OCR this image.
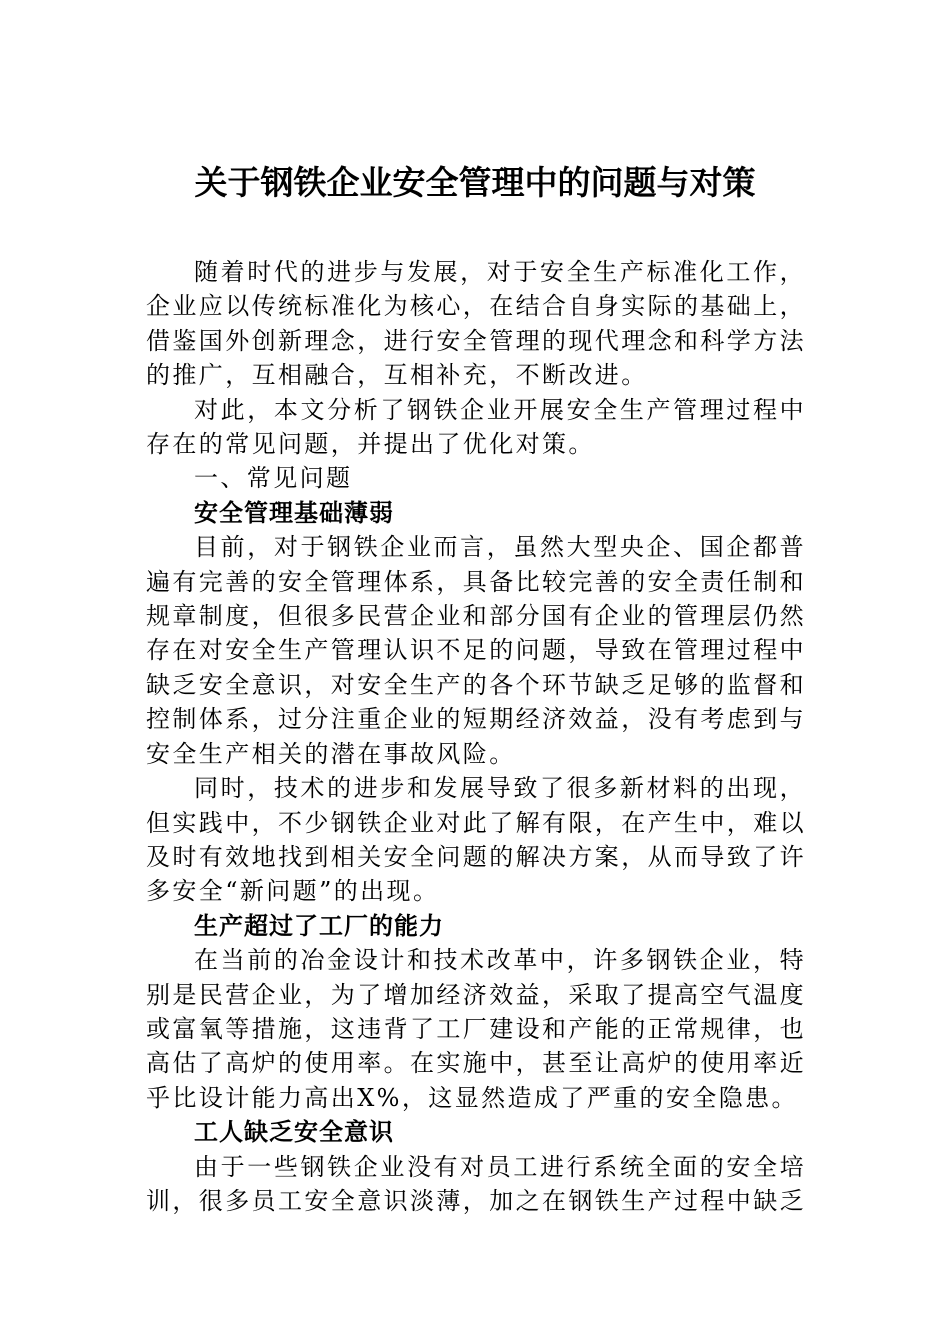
关于钢铁企业安全管理中的问题与对策

随着时代的进步与发展，对于安全生产标准化工作，企业应以传统标准化为核心，在结合自身实际的基础上，借鉴国外创新理念，进行安全管理的现代理念和科学方法的推广，互相融合，互相补充，不断改进。

对此，本文分析了钢铁企业开展安全生产管理过程中存在的常见问题，并提出了优化对策。

一、常见问题

安全管理基础薄弱

目前，对于钢铁企业而言，虽然大型央企、国企都普遍有完善的安全管理体系，具备比较完善的安全责任制和规章制度，但很多民营企业和部分国有企业的管理层仍然存在对安全生产管理认识不足的问题，导致在管理过程中缺乏安全意识，对安全生产的各个环节缺乏足够的监督和控制体系，过分注重企业的短期经济效益，没有考虑到与安全生产相关的潜在事故风险。

同时，技术的进步和发展导致了很多新材料的出现，但实践中，不少钢铁企业对此了解有限，在产生中，难以及时有效地找到相关安全问题的解决方案，从而导致了许多安全“新问题”的出现。

生产超过了工厂的能力

在当前的冶金设计和技术改革中，许多钢铁企业，特别是民营企业，为了增加经济效益，采取了提高空气温度或富氧等措施，这违背了工厂建设和产能的正常规律，也高估了高炉的使用率。在实施中，甚至让高炉的使用率近乎比设计能力高出X%，这显然造成了严重的安全隐患。

工人缺乏安全意识

由于一些钢铁企业没有对员工进行系统全面的安全培训，很多员工安全意识淡薄，加之在钢铁生产过程中缺乏
